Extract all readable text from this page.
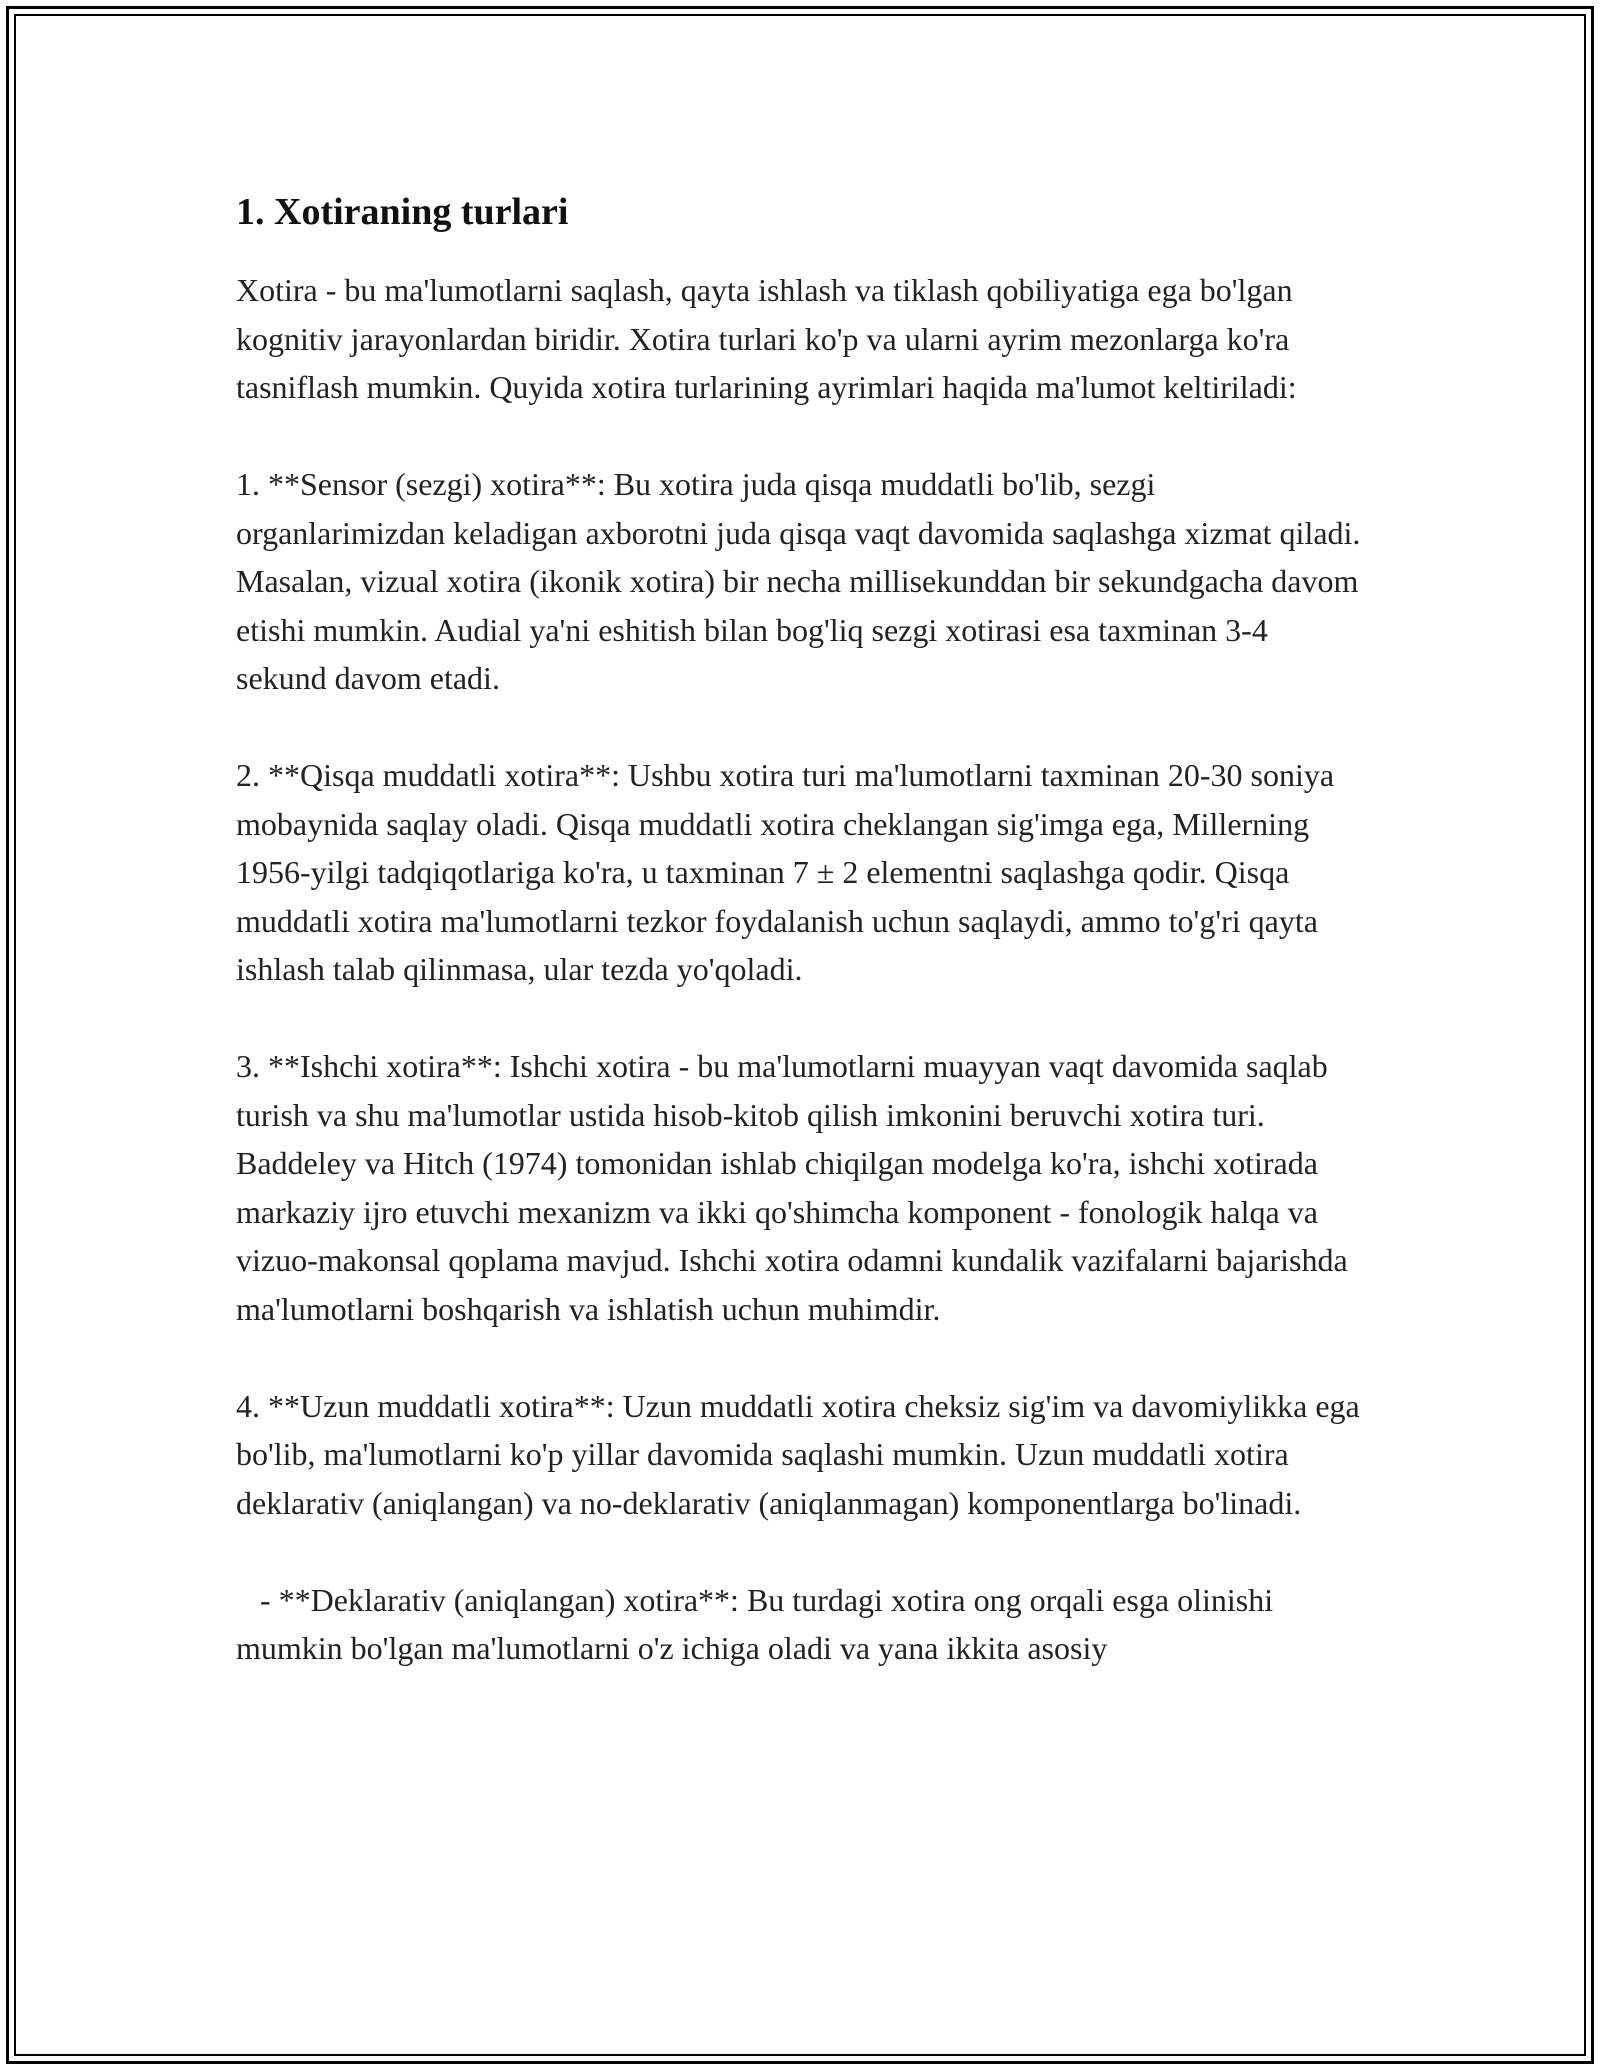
1. Xotiraning turlari

Xotira - bu ma'lumotlarni saqlash, qayta ishlash va tiklash qobiliyatiga ega bo'lgan kognitiv jarayonlardan biridir. Xotira turlari ko'p va ularni ayrim mezonlarga ko'ra tasniflash mumkin. Quyida xotira turlarining ayrimlari haqida ma'lumot keltiriladi:

1. **Sensor (sezgi) xotira**: Bu xotira juda qisqa muddatli bo'lib, sezgi organlarimizdan keladigan axborotni juda qisqa vaqt davomida saqlashga xizmat qiladi. Masalan, vizual xotira (ikonik xotira) bir necha millisekunddan bir sekundgacha davom etishi mumkin. Audial ya'ni eshitish bilan bog'liq sezgi xotirasi esa taxminan 3-4 sekund davom etadi.

2. **Qisqa muddatli xotira**: Ushbu xotira turi ma'lumotlarni taxminan 20-30 soniya mobaynida saqlay oladi. Qisqa muddatli xotira cheklangan sig'imga ega, Millerning 1956-yilgi tadqiqotlariga ko'ra, u taxminan 7 ± 2 elementni saqlashga qodir. Qisqa muddatli xotira ma'lumotlarni tezkor foydalanish uchun saqlaydi, ammo to'g'ri qayta ishlash talab qilinmasa, ular tezda yo'qoladi.

3. **Ishchi xotira**: Ishchi xotira - bu ma'lumotlarni muayyan vaqt davomida saqlab turish va shu ma'lumotlar ustida hisob-kitob qilish imkonini beruvchi xotira turi. Baddeley va Hitch (1974) tomonidan ishlab chiqilgan modelga ko'ra, ishchi xotirada markaziy ijro etuvchi mexanizm va ikki qo'shimcha komponent - fonologik halqa va vizuo-makonsal qoplama mavjud. Ishchi xotira odamni kundalik vazifalarni bajarishda ma'lumotlarni boshqarish va ishlatish uchun muhimdir.

4. **Uzun muddatli xotira**: Uzun muddatli xotira cheksiz sig'im va davomiylikka ega bo'lib, ma'lumotlarni ko'p yillar davomida saqlashi mumkin. Uzun muddatli xotira deklarativ (aniqlangan) va no-deklarativ (aniqlanmagan) komponentlarga bo'linadi.

- **Deklarativ (aniqlangan) xotira**: Bu turdagi xotira ong orqali esga olinishi mumkin bo'lgan ma'lumotlarni o'z ichiga oladi va yana ikkita asosiy
